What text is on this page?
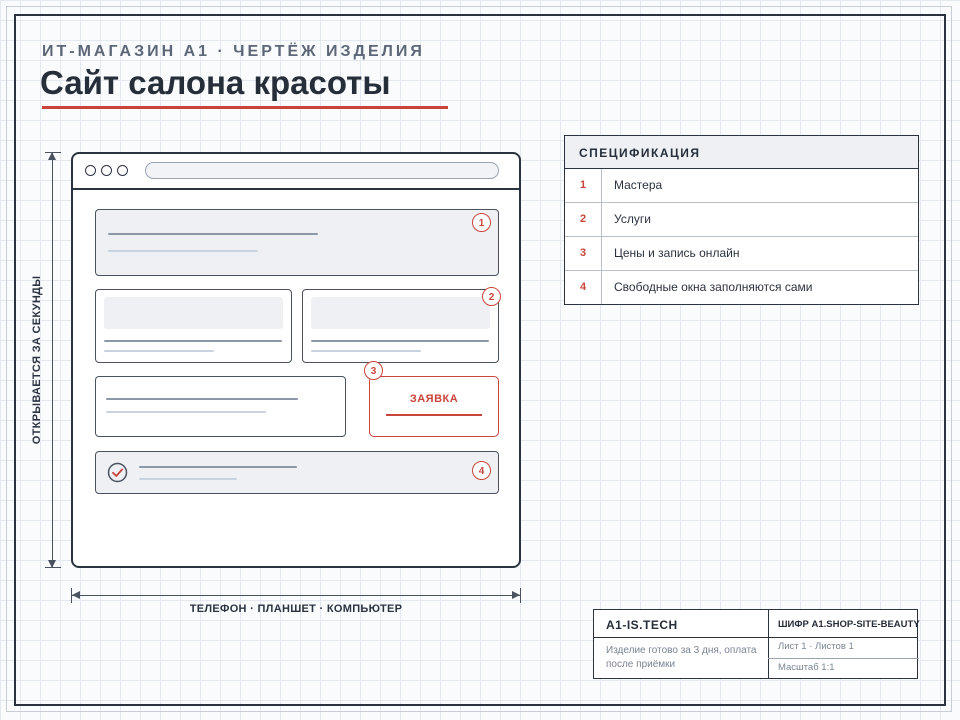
ИТ-МАГАЗИН А1 · ЧЕРТЁЖ ИЗДЕЛИЯ
Сайт салона красоты
ОТКРЫВАЕТСЯ ЗА СЕКУНДЫ
ТЕЛЕФОН · ПЛАНШЕТ · КОМПЬЮТЕР
ЗАЯВКА
1
2
3
4
СПЕЦИФИКАЦИЯ
1	Мастера
2	Услуги
3	Цены и запись онлайн
4	Свободные окна заполняются сами
A1-IS.TECH	ШИФР A1.SHOP-SITE-BEAUTY
Изделие готово за 3 дня, оплата после приёмки
Лист 1 · Листов 1
Масштаб 1:1
